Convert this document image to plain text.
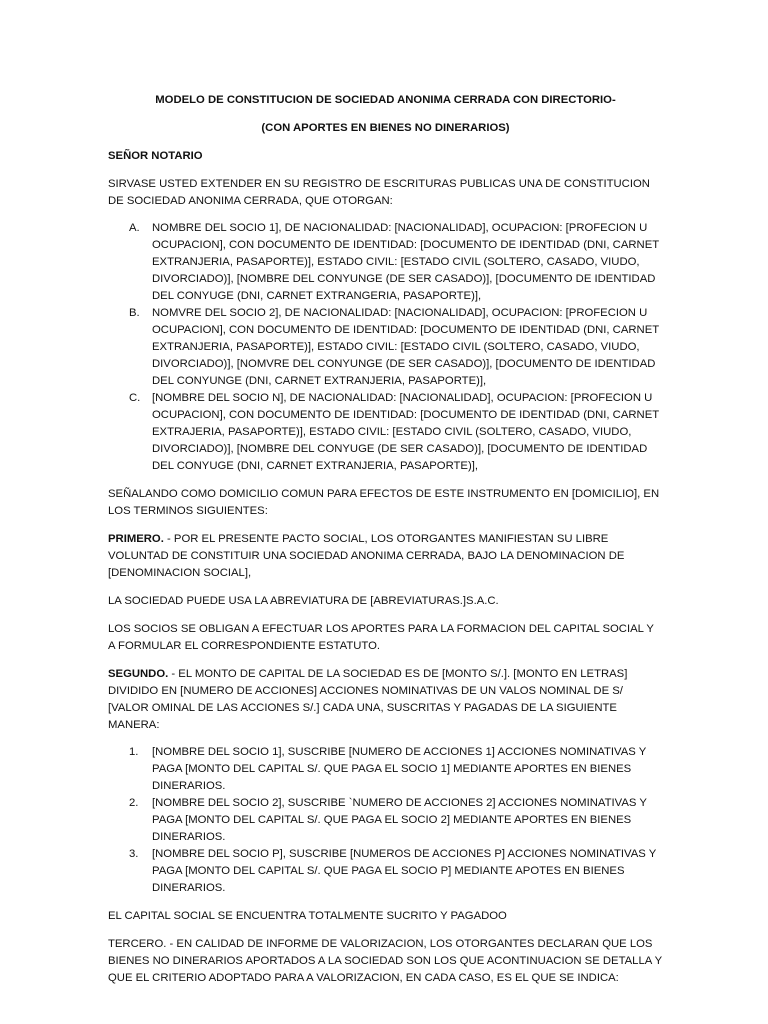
MODELO DE CONSTITUCION DE SOCIEDAD ANONIMA CERRADA CON DIRECTORIO-

(CON APORTES EN BIENES NO DINERARIOS)

SEÑOR NOTARIO

SIRVASE USTED EXTENDER EN SU REGISTRO DE ESCRITURAS PUBLICAS UNA DE CONSTITUCION DE SOCIEDAD ANONIMA CERRADA, QUE OTORGAN:

A. NOMBRE DEL SOCIO 1], DE NACIONALIDAD: [NACIONALIDAD], OCUPACION: [PROFECION U OCUPACION], CON DOCUMENTO DE IDENTIDAD: [DOCUMENTO DE IDENTIDAD (DNI, CARNET EXTRANJERIA, PASAPORTE)], ESTADO CIVIL: [ESTADO CIVIL (SOLTERO, CASADO, VIUDO, DIVORCIADO)], [NOMBRE DEL CONYUNGE (DE SER CASADO)], [DOCUMENTO DE IDENTIDAD DEL CONYUGE (DNI, CARNET EXTRANGERIA, PASAPORTE)],
B. NOMVRE DEL SOCIO 2], DE NACIONALIDAD: [NACIONALIDAD], OCUPACION: [PROFECION U OCUPACION], CON DOCUMENTO DE IDENTIDAD: [DOCUMENTO DE IDENTIDAD (DNI, CARNET EXTRANJERIA, PASAPORTE)], ESTADO CIVIL: [ESTADO CIVIL (SOLTERO, CASADO, VIUDO, DIVORCIADO)], [NOMVRE DEL CONYUNGE (DE SER CASADO)], [DOCUMENTO DE IDENTIDAD DEL CONYUNGE (DNI, CARNET EXTRANJERIA, PASAPORTE)],
C. [NOMBRE DEL SOCIO N], DE NACIONALIDAD: [NACIONALIDAD], OCUPACION: [PROFECION U OCUPACION], CON DOCUMENTO DE IDENTIDAD: [DOCUMENTO DE IDENTIDAD (DNI, CARNET EXTRAJERIA, PASAPORTE)], ESTADO CIVIL: [ESTADO CIVIL (SOLTERO, CASADO, VIUDO, DIVORCIADO)], [NOMBRE DEL CONYUGE (DE SER CASADO)], [DOCUMENTO DE IDENTIDAD DEL CONYUGE (DNI, CARNET EXTRANJERIA, PASAPORTE)],

SEÑALANDO COMO DOMICILIO COMUN PARA EFECTOS DE ESTE INSTRUMENTO EN [DOMICILIO], EN LOS TERMINOS SIGUIENTES:

PRIMERO. - POR EL PRESENTE PACTO SOCIAL, LOS OTORGANTES MANIFIESTAN SU LIBRE VOLUNTAD DE CONSTITUIR UNA SOCIEDAD ANONIMA CERRADA, BAJO LA DENOMINACION DE [DENOMINACION SOCIAL],

LA SOCIEDAD PUEDE USA LA ABREVIATURA DE [ABREVIATURAS.]S.A.C.

LOS SOCIOS SE OBLIGAN A EFECTUAR LOS APORTES PARA LA FORMACION DEL CAPITAL SOCIAL Y A FORMULAR EL CORRESPONDIENTE ESTATUTO.

SEGUNDO. - EL MONTO DE CAPITAL DE LA SOCIEDAD ES DE [MONTO S/.]. [MONTO EN LETRAS] DIVIDIDO EN [NUMERO DE ACCIONES] ACCIONES NOMINATIVAS DE UN VALOS NOMINAL DE S/ [VALOR OMINAL DE LAS ACCIONES S/.] CADA UNA, SUSCRITAS Y PAGADAS DE LA SIGUIENTE MANERA:

1. [NOMBRE DEL SOCIO 1], SUSCRIBE [NUMERO DE ACCIONES 1] ACCIONES NOMINATIVAS Y PAGA [MONTO DEL CAPITAL S/. QUE PAGA EL SOCIO 1] MEDIANTE APORTES EN BIENES DINERARIOS.
2. [NOMBRE DEL SOCIO 2], SUSCRIBE `NUMERO DE ACCIONES 2] ACCIONES NOMINATIVAS Y PAGA [MONTO DEL CAPITAL S/. QUE PAGA EL SOCIO 2] MEDIANTE APORTES EN BIENES DINERARIOS.
3. [NOMBRE DEL SOCIO P], SUSCRIBE [NUMEROS DE ACCIONES P] ACCIONES NOMINATIVAS Y PAGA [MONTO DEL CAPITAL S/. QUE PAGA EL SOCIO P] MEDIANTE APOTES EN BIENES DINERARIOS.

EL CAPITAL SOCIAL SE ENCUENTRA TOTALMENTE SUCRITO Y PAGADOO

TERCERO. - EN CALIDAD DE INFORME DE VALORIZACION, LOS OTORGANTES DECLARAN QUE LOS BIENES NO DINERARIOS APORTADOS A LA SOCIEDAD SON LOS QUE ACONTINUACION SE DETALLA Y QUE EL CRITERIO ADOPTADO PARA A VALORIZACION, EN CADA CASO, ES EL QUE SE INDICA:
